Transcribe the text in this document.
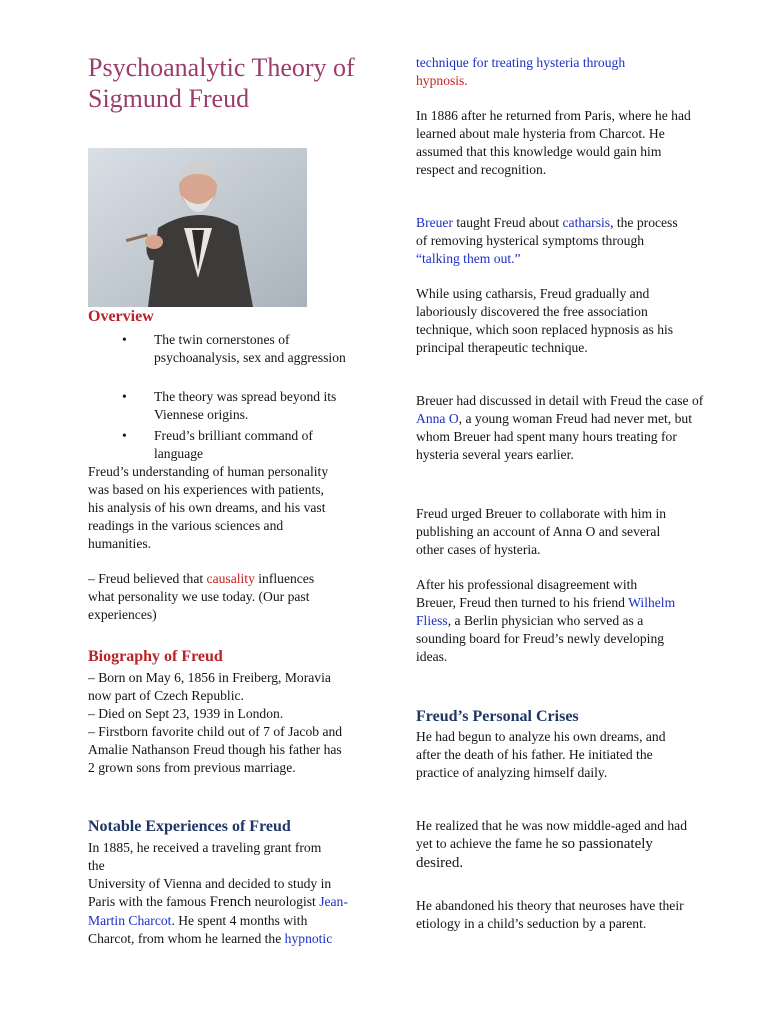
Psychoanalytic Theory of Sigmund Freud
Overview
• The twin cornerstones of psychoanalysis, sex and aggression
• The theory was spread beyond its Viennese origins.
• Freud’s brilliant command of language

Freud’s understanding of human personality was based on his experiences with patients, his analysis of his own dreams, and his vast readings in the various sciences and humanities.

– Freud believed that causality influences what personality we use today. (Our past experiences)

Biography of Freud

– Born on May 6, 1856 in Freiberg, Moravia now part of Czech Republic.
– Died on Sept 23, 1939 in London.
– Firstborn favorite child out of 7 of Jacob and Amalie Nathanson Freud though his father has 2 grown sons from previous marriage.

Notable Experiences of Freud

In 1885, he received a traveling grant from the
University of Vienna and decided to study in Paris with the famous French neurologist Jean-Martin Charcot. He spent 4 months with Charcot, from whom he learned the hypnotic

technique for treating hysteria through
hypnosis.

In 1886 after he returned from Paris, where he had learned about male hysteria from Charcot. He assumed that this knowledge would gain him respect and recognition.

Breuer taught Freud about catharsis, the process of removing hysterical symptoms through “talking them out.”

While using catharsis, Freud gradually and laboriously discovered the free association technique, which soon replaced hypnosis as his principal therapeutic technique.

Breuer had discussed in detail with Freud the case of Anna O, a young woman Freud had never met, but whom Breuer had spent many hours treating for hysteria several years earlier.

Freud urged Breuer to collaborate with him in publishing an account of Anna O and several other cases of hysteria.

After his professional disagreement with Breuer, Freud then turned to his friend Wilhelm Fliess, a Berlin physician who served as a sounding board for Freud’s newly developing ideas.

Freud’s Personal Crises

He had begun to analyze his own dreams, and after the death of his father. He initiated the practice of analyzing himself daily.

He realized that he was now middle-aged and had yet to achieve the fame he so passionately desired.

He abandoned his theory that neuroses have their etiology in a child’s seduction by a parent.
